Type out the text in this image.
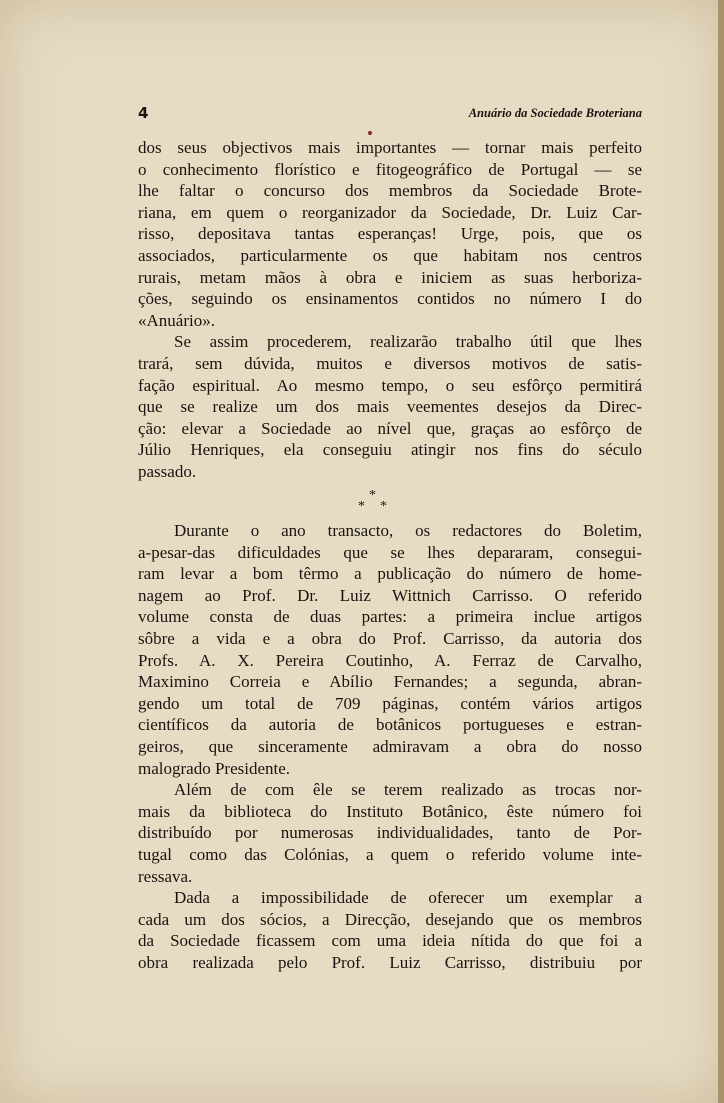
4	Anuário da Sociedade Broteriana
dos seus objectivos mais importantes — tornar mais perfeito
o conhecimento florístico e fitogeográfico de Portugal — se
lhe faltar o concurso dos membros da Sociedade Brote-
riana, em quem o reorganizador da Sociedade, Dr. Luiz Car-
risso, depositava tantas esperanças! Urge, pois, que os
associados, particularmente os que habitam nos centros
rurais, metam mãos à obra e iniciem as suas herboriza-
ções, seguindo os ensinamentos contidos no número I do
«Anuário».
Se assim procederem, realizarão trabalho útil que lhes
trará, sem dúvida, muitos e diversos motivos de satis-
fação espiritual. Ao mesmo tempo, o seu esfôrço permitirá
que se realize um dos mais veementes desejos da Direc-
ção: elevar a Sociedade ao nível que, graças ao esfôrço de
Júlio Henriques, ela conseguiu atingir nos fins do século
passado.
*
* *
Durante o ano transacto, os redactores do Boletim,
a-pesar-das dificuldades que se lhes depararam, consegui-
ram levar a bom têrmo a publicação do número de home-
nagem ao Prof. Dr. Luiz Wittnich Carrisso. O referido
volume consta de duas partes: a primeira inclue artigos
sôbre a vida e a obra do Prof. Carrisso, da autoria dos
Profs. A. X. Pereira Coutinho, A. Ferraz de Carvalho,
Maximino Correia e Abílio Fernandes; a segunda, abran-
gendo um total de 709 páginas, contém vários artigos
científicos da autoria de botânicos portugueses e estran-
geiros, que sinceramente admiravam a obra do nosso
malogrado Presidente.
Além de com êle se terem realizado as trocas nor-
mais da biblioteca do Instituto Botânico, êste número foi
distribuído por numerosas individualidades, tanto de Por-
tugal como das Colónias, a quem o referido volume inte-
ressava.
Dada a impossibilidade de oferecer um exemplar a
cada um dos sócios, a Direcção, desejando que os membros
da Sociedade ficassem com uma ideia nítida do que foi a
obra realizada pelo Prof. Luiz Carrisso, distribuiu por
